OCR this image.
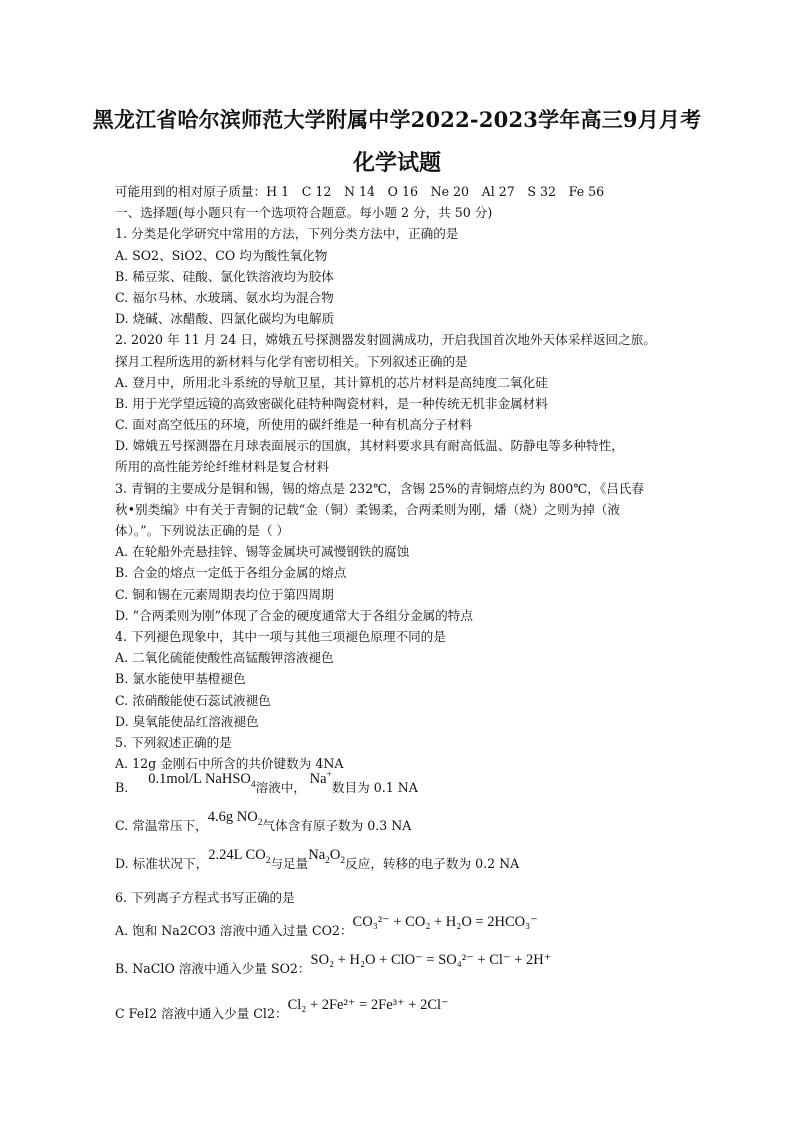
黑龙江省哈尔滨师范大学附属中学2022-2023学年高三9月月考
化学试题
可能用到的相对原子质量：H 1　C 12　N 14　O 16　Ne 20　Al 27　S 32　Fe 56
一、选择题(每小题只有一个选项符合题意。每小题 2 分，共 50 分)
1. 分类是化学研究中常用的方法，下列分类方法中，正确的是
A. SO2、SiO2、CO 均为酸性氧化物
B. 稀豆浆、硅酸、氯化铁溶液均为胶体
C. 福尔马林、水玻璃、氨水均为混合物
D. 烧碱、冰醋酸、四氯化碳均为电解质
2. 2020 年 11 月 24 日，嫦娥五号探测器发射圆满成功，开启我国首次地外天体采样返回之旅。
探月工程所选用的新材料与化学有密切相关。下列叙述正确的是
A. 登月中，所用北斗系统的导航卫星，其计算机的芯片材料是高纯度二氧化硅
B. 用于光学望远镜的高致密碳化硅特种陶瓷材料，是一种传统无机非金属材料
C. 面对高空低压的环境，所使用的碳纤维是一种有机高分子材料
D. 嫦娥五号探测器在月球表面展示的国旗，其材料要求具有耐高低温、防静电等多种特性，
所用的高性能芳纶纤维材料是复合材料
3. 青铜的主要成分是铜和锡，锡的熔点是 232℃，含锡 25%的青铜熔点约为 800℃，《吕氏春
秋•别类编》中有关于青铜的记载“金（铜）柔锡柔，合两柔则为刚，燔（烧）之则为掉（液
体）。”。下列说法正确的是（ ）
A. 在轮船外壳悬挂锌、锡等金属块可减慢钢铁的腐蚀
B. 合金的熔点一定低于各组分金属的熔点
C. 铜和锡在元素周期表均位于第四周期
D. “合两柔则为刚”体现了合金的硬度通常大于各组分金属的特点
4. 下列褪色现象中，其中一项与其他三项褪色原理不同的是
A. 二氧化硫能使酸性高锰酸钾溶液褪色
B. 氯水能使甲基橙褪色
C. 浓硝酸能使石蕊试液褪色
D. 臭氧能使品红溶液褪色
5. 下列叙述正确的是
A. 12g 金刚石中所含的共价键数为 4NA
B.     0.1mol/L NaHSO$_4$溶液中， Na+数目为 0.1 NA
C. 常温常压下，4.6g $NO_2$气体含有原子数为 0.3 NA
D. 标准状况下，2.24L $CO_2$与足量$Na_2O_2$反应，转移的电子数为 0.2 NA
6. 下列离子方程式书写正确的是
A. 饱和 Na2CO3 溶液中通入过量 CO2：CO₃²⁻ + CO₂ + H₂O = 2HCO₃⁻
B. NaClO 溶液中通入少量 SO2：SO₂ + H₂O + ClO⁻ = SO₄²⁻ + Cl⁻ + 2H⁺
C FeI2 溶液中通入少量 Cl2：Cl₂ + 2Fe²⁺ = 2Fe³⁺ + 2Cl⁻
